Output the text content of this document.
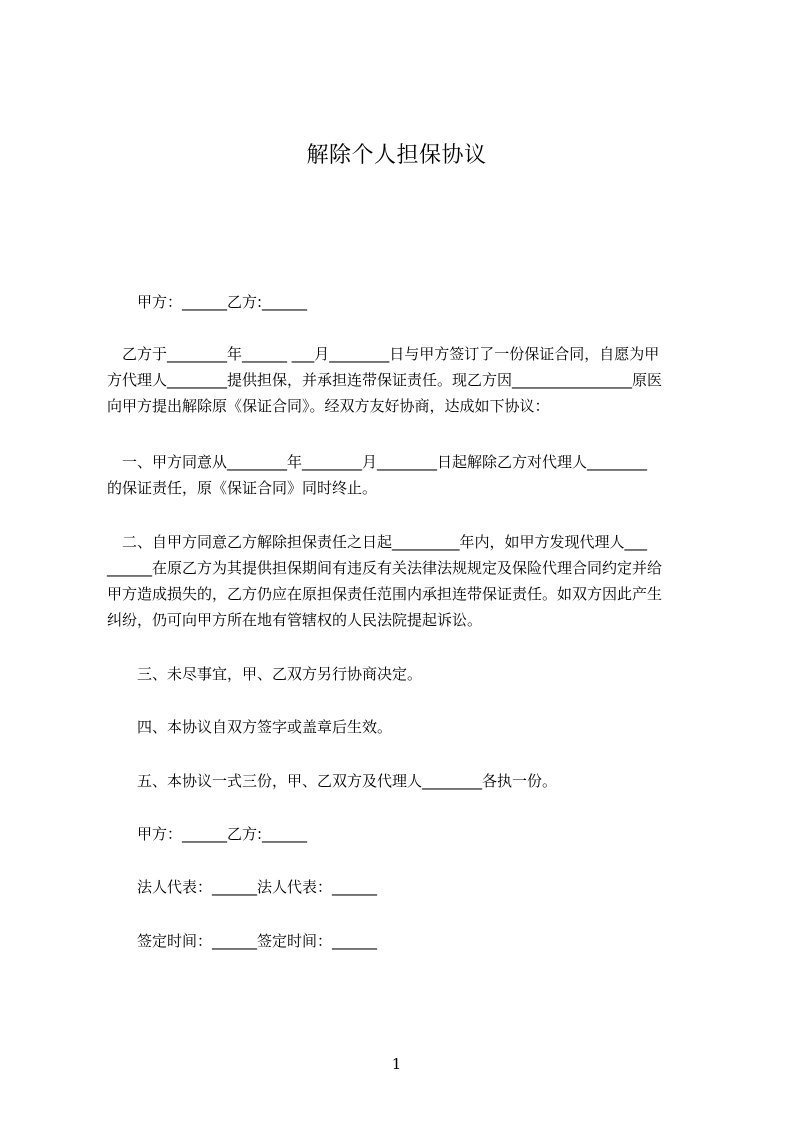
解除个人担保协议
甲方：______乙方:______
　乙方于________年______ ___月________日与甲方签订了一份保证合同，自愿为甲
方代理人________提供担保，并承担连带保证责任。现乙方因________________原医
向甲方提出解除原《保证合同》。经双方友好协商，达成如下协议：
　一、甲方同意从________年________月________日起解除乙方对代理人________
的保证责任，原《保证合同》同时终止。
　二、自甲方同意乙方解除担保责任之日起_________年内，如甲方发现代理人___
______在原乙方为其提供担保期间有违反有关法律法规规定及保险代理合同约定并给
甲方造成损失的，乙方仍应在原担保责任范围内承担连带保证责任。如双方因此产生
纠纷，仍可向甲方所在地有管辖权的人民法院提起诉讼。
三、未尽事宜，甲、乙双方另行协商决定。
四、本协议自双方签字或盖章后生效。
五、本协议一式三份，甲、乙双方及代理人________各执一份。
甲方：______乙方:______
法人代表：______法人代表：______
签定时间：______签定时间：______
1
